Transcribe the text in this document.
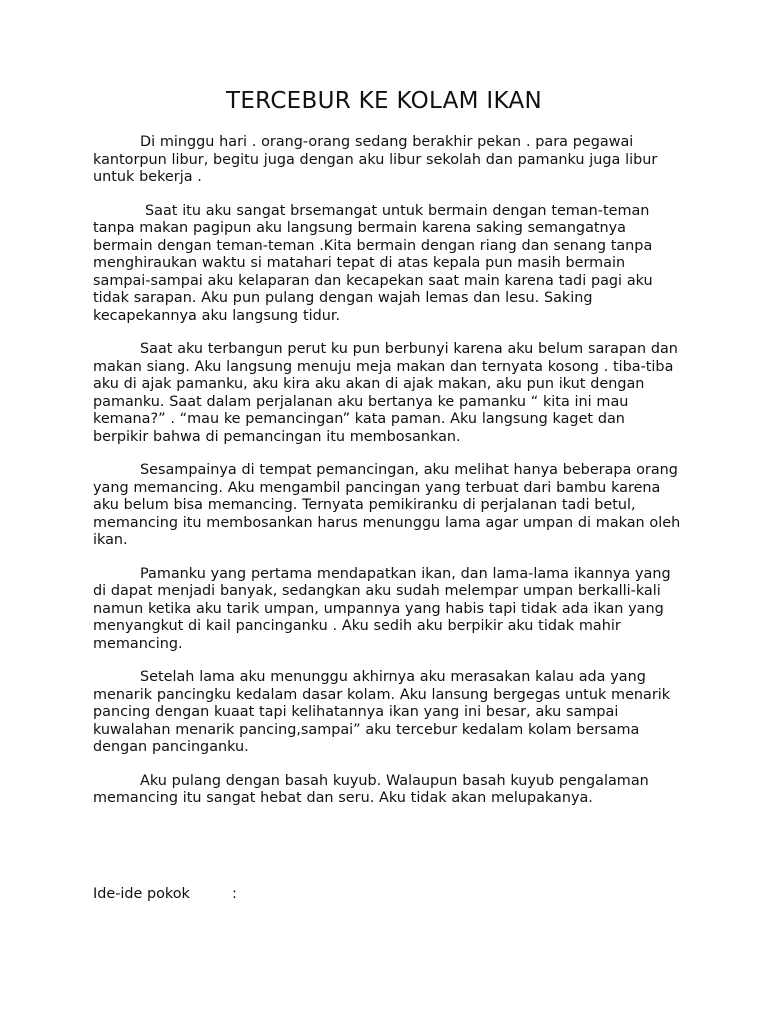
TERCEBUR KE KOLAM IKAN

Di minggu hari . orang-orang sedang berakhir pekan . para pegawai kantorpun libur, begitu juga dengan aku libur sekolah dan pamanku juga libur untuk bekerja .

Saat itu aku sangat brsemangat untuk bermain dengan teman-teman tanpa makan pagipun aku langsung bermain karena saking semangatnya bermain dengan teman-teman .Kita bermain dengan riang dan senang tanpa menghiraukan waktu si matahari tepat di atas kepala pun masih bermain sampai-sampai aku kelaparan dan kecapekan saat main karena tadi pagi aku tidak sarapan. Aku pun pulang dengan wajah lemas dan lesu. Saking kecapekannya aku langsung tidur.

Saat aku terbangun perut ku pun berbunyi karena aku belum sarapan dan makan siang. Aku langsung menuju meja makan dan ternyata kosong . tiba-tiba aku di ajak pamanku, aku kira aku akan di ajak makan, aku pun ikut dengan pamanku. Saat dalam perjalanan aku bertanya ke pamanku “ kita ini mau kemana?” . “mau ke pemancingan” kata paman. Aku langsung kaget dan berpikir bahwa di pemancingan itu membosankan.

Sesampainya di tempat pemancingan, aku melihat hanya beberapa orang yang memancing. Aku mengambil pancingan yang terbuat dari bambu karena aku belum bisa memancing. Ternyata pemikiranku di perjalanan tadi betul, memancing itu membosankan harus menunggu lama agar umpan di makan oleh ikan.

Pamanku yang pertama mendapatkan ikan, dan lama-lama ikannya yang di dapat menjadi banyak, sedangkan aku sudah melempar umpan berkalli-kali namun ketika aku tarik umpan, umpannya yang habis tapi tidak ada ikan yang menyangkut di kail pancinganku . Aku sedih aku berpikir aku tidak mahir memancing.

Setelah lama aku menunggu akhirnya aku merasakan kalau ada yang menarik pancingku kedalam dasar kolam. Aku lansung bergegas untuk menarik pancing dengan kuaat tapi kelihatannya ikan yang ini besar, aku sampai kuwalahan menarik pancing,sampai” aku tercebur kedalam kolam bersama dengan pancinganku.

Aku pulang dengan basah kuyub. Walaupun basah kuyub pengalaman memancing itu sangat hebat dan seru. Aku tidak akan melupakanya.

Ide-ide pokok	:
